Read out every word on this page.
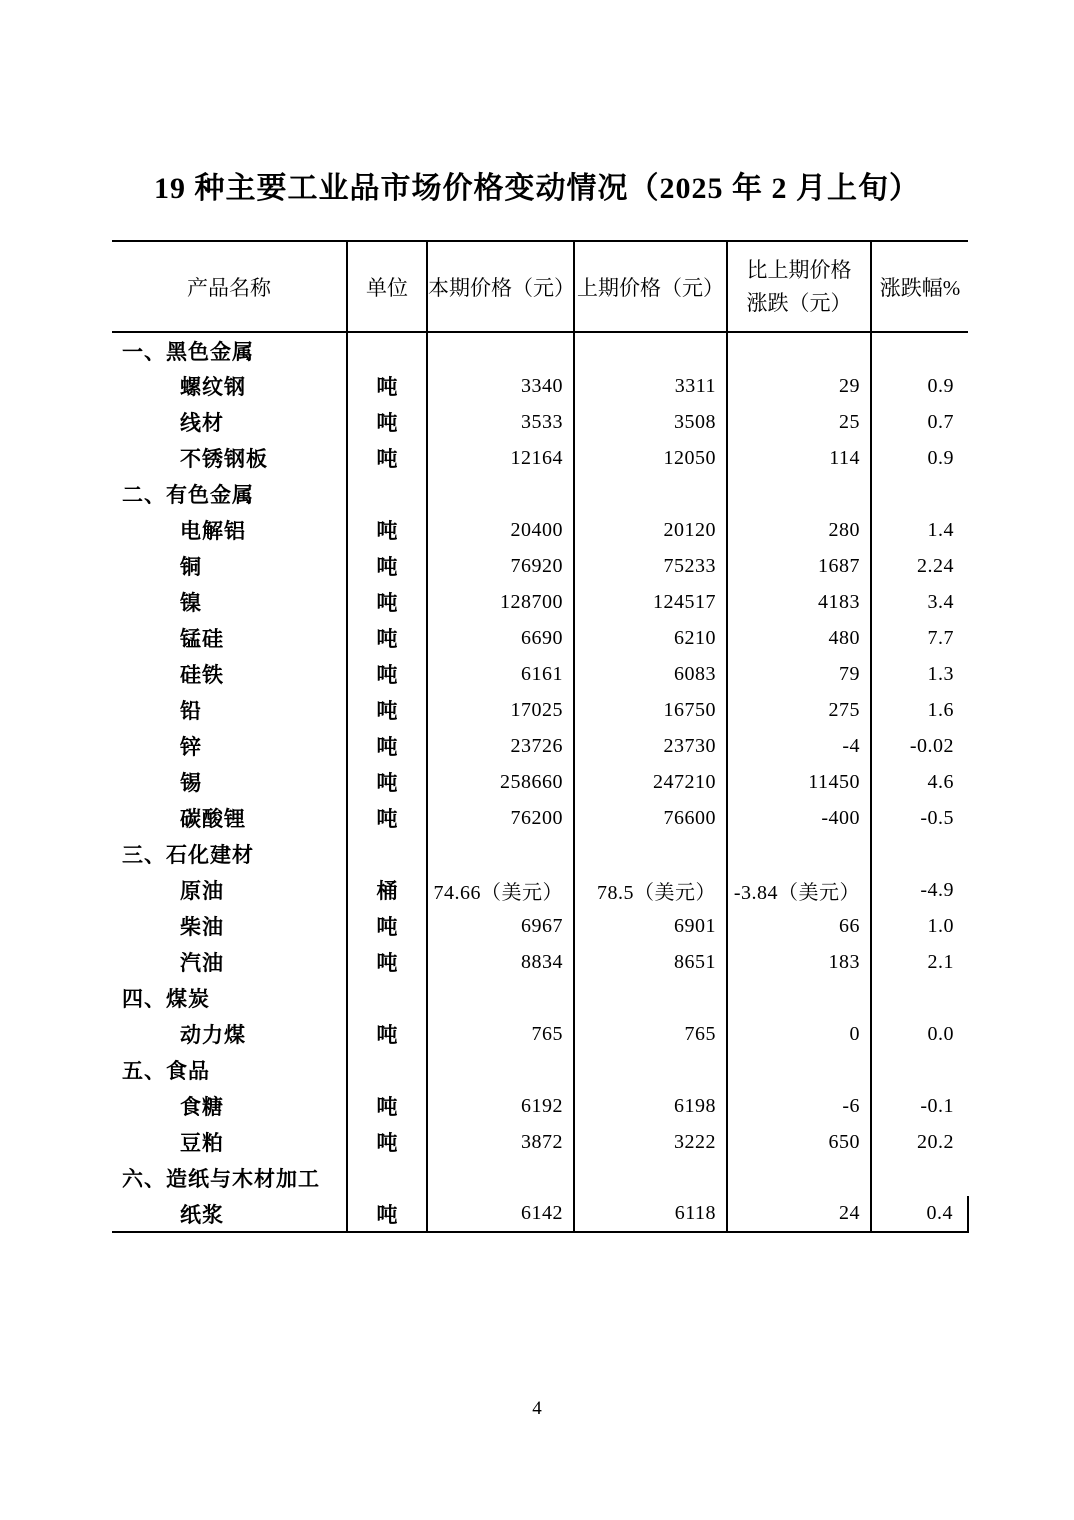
19 种主要工业品市场价格变动情况（2025 年 2 月上旬）
产品名称	单位	本期价格（元）	上期价格（元）	比上期价格
涨跌（元）	涨跌幅%
一、黑色金属					
螺纹钢	吨	3340	3311	29	0.9
线材	吨	3533	3508	25	0.7
不锈钢板	吨	12164	12050	114	0.9
二、有色金属					
电解铝	吨	20400	20120	280	1.4
铜	吨	76920	75233	1687	2.24
镍	吨	128700	124517	4183	3.4
锰硅	吨	6690	6210	480	7.7
硅铁	吨	6161	6083	79	1.3
铅	吨	17025	16750	275	1.6
锌	吨	23726	23730	-4	-0.02
锡	吨	258660	247210	11450	4.6
碳酸锂	吨	76200	76600	-400	-0.5
三、石化建材					
原油	桶	74.66（美元）	78.5（美元）	-3.84（美元）	-4.9
柴油	吨	6967	6901	66	1.0
汽油	吨	8834	8651	183	2.1
四、煤炭					
动力煤	吨	765	765	0	0.0
五、食品					
食糖	吨	6192	6198	-6	-0.1
豆粕	吨	3872	3222	650	20.2
六、造纸与木材加工					
纸浆	吨	6142	6118	24	0.4
4
